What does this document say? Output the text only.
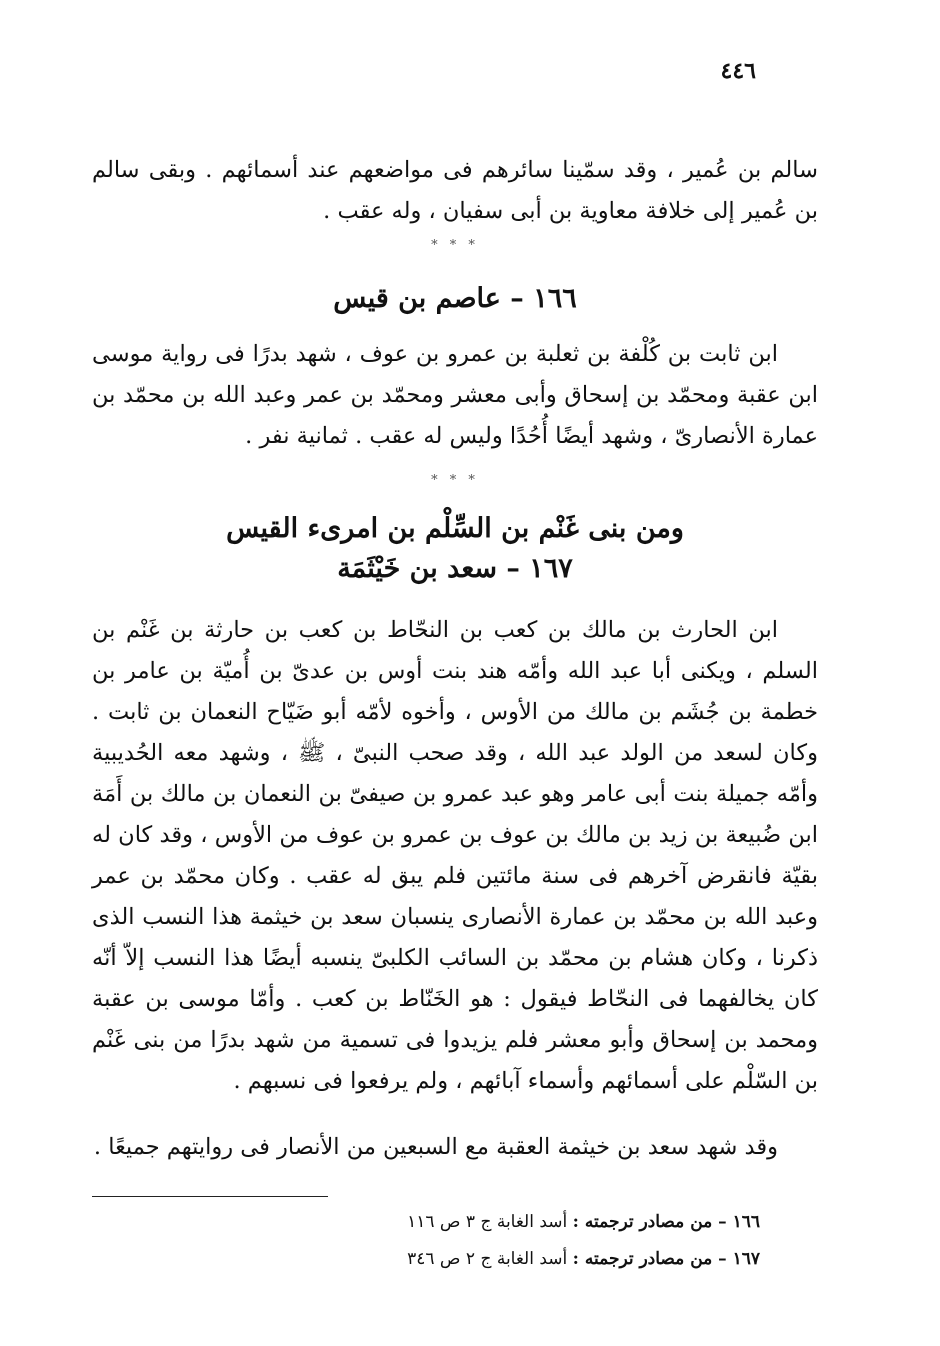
٤٤٦

سالم بن عُمير ، وقد سمّينا سائرهم فى مواضعهم عند أسمائهم . وبقى سالم بن عُمير إلى خلافة معاوية بن أبى سفيان ، وله عقب .

* * *
١٦٦ – عاصم بن قيس

ابن ثابت بن كُلْفة بن ثعلبة بن عمرو بن عوف ، شهد بدرًا فى رواية موسى ابن عقبة ومحمّد بن إسحاق وأبى معشر ومحمّد بن عمر وعبد الله بن محمّد بن عمارة الأنصارىّ ، وشهد أيضًا أُحُدًا وليس له عقب . ثمانية نفر .

* * *
ومن بنى غَنْم بن السِّلْم بن امرىء القيس
١٦٧ – سعد بن خَيْثَمَة

ابن الحارث بن مالك بن كعب بن النحّاط بن كعب بن حارثة بن غَنْم بن السلم ، ويكنى أبا عبد الله وأمّه هند بنت أوس بن عدىّ بن أُميّة بن عامر بن خطمة بن جُشَم بن مالك من الأوس ، وأخوه لأمّه أبو ضَيّاح النعمان بن ثابت . وكان لسعد من الولد عبد الله ، وقد صحب النبىّ ، ﷺ ، وشهد معه الحُديبية وأمّه جميلة بنت أبى عامر وهو عبد عمرو بن صيفىّ بن النعمان بن مالك بن أَمَة ابن ضُبيعة بن زيد بن مالك بن عوف بن عمرو بن عوف من الأوس ، وقد كان له بقيّة فانقرض آخرهم فى سنة مائتين فلم يبق له عقب . وكان محمّد بن عمر وعبد الله بن محمّد بن عمارة الأنصارى ينسبان سعد بن خيثمة هذا النسب الذى ذكرنا ، وكان هشام بن محمّد بن السائب الكلبىّ ينسبه أيضًا هذا النسب إلاّ أنّه كان يخالفهما فى النحّاط فيقول : هو الخَنّاط بن كعب . وأمّا موسى بن عقبة ومحمد بن إسحاق وأبو معشر فلم يزيدوا فى تسمية من شهد بدرًا من بنى غَنْم بن السّلْم على أسمائهم وأسماء آبائهم ، ولم يرفعوا فى نسبهم .

وقد شهد سعد بن خيثمة العقبة مع السبعين من الأنصار فى روايتهم جميعًا .

١٦٦ – من مصادر ترجمته : أسد الغابة ج ٣ ص ١١٦
١٦٧ – من مصادر ترجمته : أسد الغابة ج ٢ ص ٣٤٦
